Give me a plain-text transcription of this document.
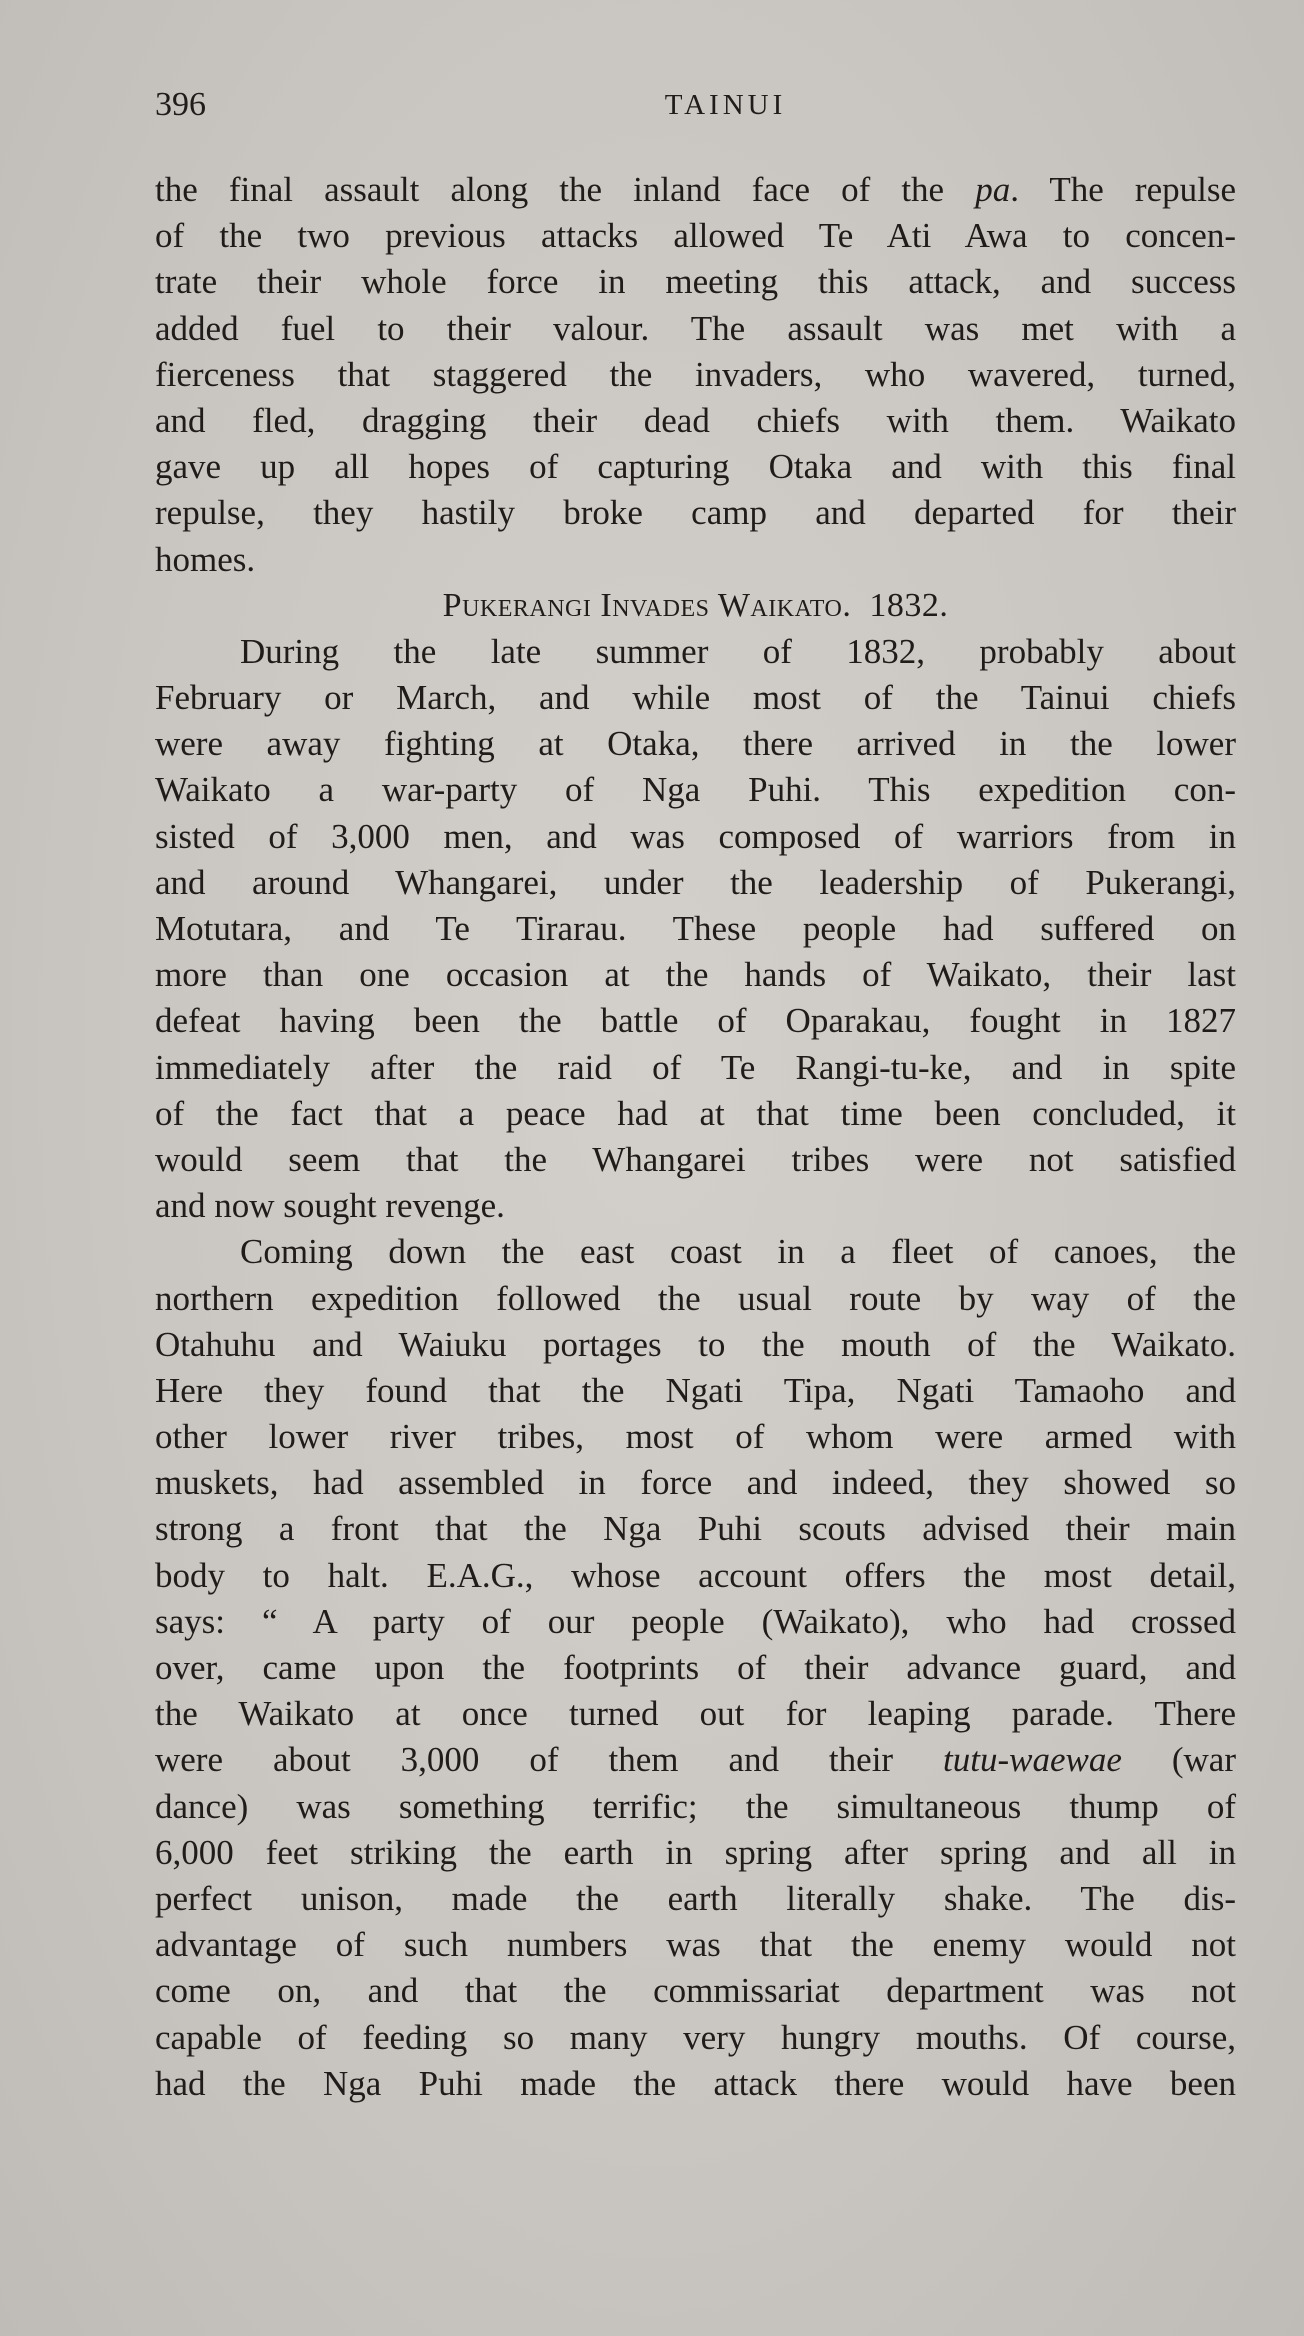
396	TAINUI
the final assault along the inland face of the pa. The repulse
of the two previous attacks allowed Te Ati Awa to concen-
trate their whole force in meeting this attack, and success
added fuel to their valour. The assault was met with a
fierceness that staggered the invaders, who wavered, turned,
and fled, dragging their dead chiefs with them. Waikato
gave up all hopes of capturing Otaka and with this final
repulse, they hastily broke camp and departed for their
homes.
Pukerangi Invades Waikato. 1832.
During the late summer of 1832, probably about
February or March, and while most of the Tainui chiefs
were away fighting at Otaka, there arrived in the lower
Waikato a war-party of Nga Puhi. This expedition con-
sisted of 3,000 men, and was composed of warriors from in
and around Whangarei, under the leadership of Pukerangi,
Motutara, and Te Tirarau. These people had suffered on
more than one occasion at the hands of Waikato, their last
defeat having been the battle of Oparakau, fought in 1827
immediately after the raid of Te Rangi-tu-ke, and in spite
of the fact that a peace had at that time been concluded, it
would seem that the Whangarei tribes were not satisfied
and now sought revenge.
Coming down the east coast in a fleet of canoes, the
northern expedition followed the usual route by way of the
Otahuhu and Waiuku portages to the mouth of the Waikato.
Here they found that the Ngati Tipa, Ngati Tamaoho and
other lower river tribes, most of whom were armed with
muskets, had assembled in force and indeed, they showed so
strong a front that the Nga Puhi scouts advised their main
body to halt. E.A.G., whose account offers the most detail,
says: “ A party of our people (Waikato), who had crossed
over, came upon the footprints of their advance guard, and
the Waikato at once turned out for leaping parade. There
were about 3,000 of them and their tutu-waewae (war
dance) was something terrific; the simultaneous thump of
6,000 feet striking the earth in spring after spring and all in
perfect unison, made the earth literally shake. The dis-
advantage of such numbers was that the enemy would not
come on, and that the commissariat department was not
capable of feeding so many very hungry mouths. Of course,
had the Nga Puhi made the attack there would have been
